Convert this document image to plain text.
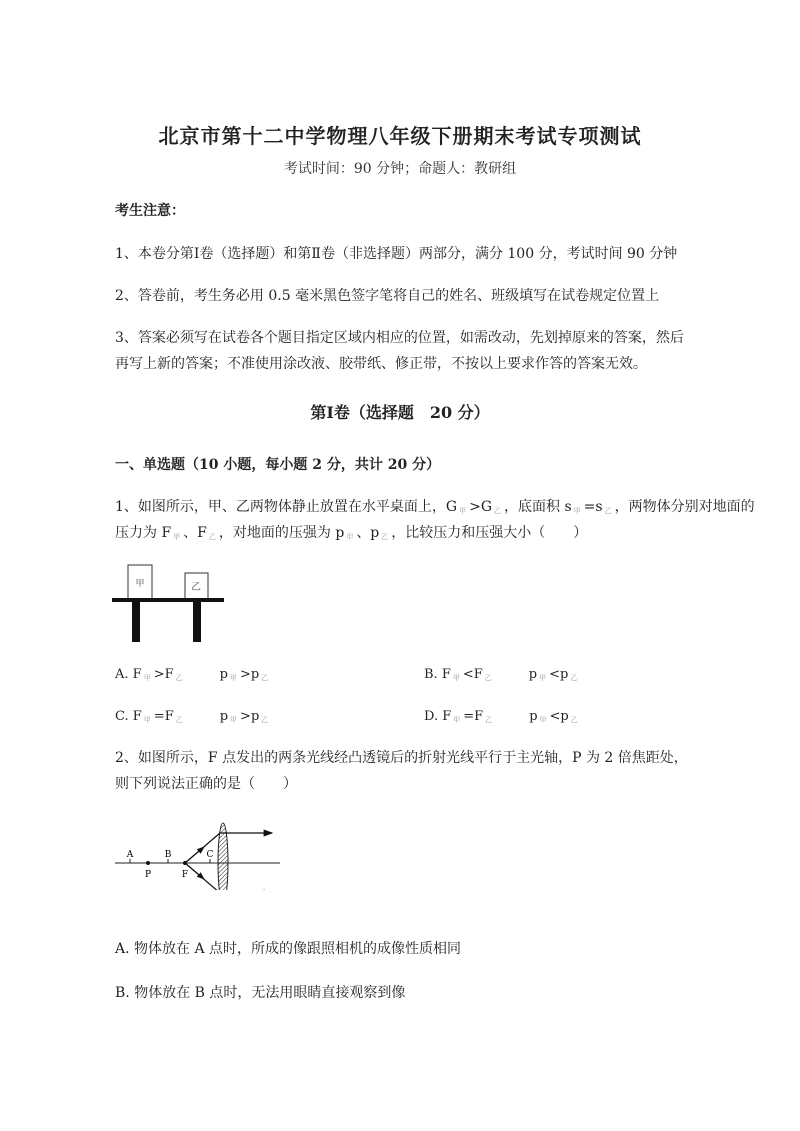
北京市第十二中学物理八年级下册期末考试专项测试
考试时间：90 分钟；命题人：教研组
考生注意：
1、本卷分第Ⅰ卷（选择题）和第Ⅱ卷（非选择题）两部分，满分 100 分，考试时间 90 分钟
2、答卷前，考生务必用 0.5 毫米黑色签字笔将自己的姓名、班级填写在试卷规定位置上
3、答案必须写在试卷各个题目指定区域内相应的位置，如需改动，先划掉原来的答案，然后再写上新的答案；不准使用涂改液、胶带纸、修正带，不按以上要求作答的答案无效。
第Ⅰ卷（选择题　20 分）
一、单选题（10 小题，每小题 2 分，共计 20 分）
1、如图所示，甲、乙两物体静止放置在水平桌面上，G $_甲$ >G $_乙$ ，底面积 s $_甲$ =s $_乙$ ，两物体分别对地面的
压力为 F $_甲$ 、F $_乙$ ，对地面的压强为 p $_甲$ 、p $_乙$ ，比较压力和压强大小（　　）
甲	乙
A. F $_甲$ >F $_乙$	p $_甲$ >p $_乙$	B. F $_甲$ <F $_乙$	p $_甲$ <p $_乙$
C. F $_甲$ =F $_乙$	p $_甲$ >p $_乙$	D. F $_甲$ =F $_乙$	p $_甲$ <p $_乙$
2、如图所示，F 点发出的两条光线经凸透镜后的折射光线平行于主光轴，P 为 2 倍焦距处，则下列说法正确的是（　　）
A	B	C
P	F
A. 物体放在 A 点时，所成的像跟照相机的成像性质相同
B. 物体放在 B 点时，无法用眼睛直接观察到像
